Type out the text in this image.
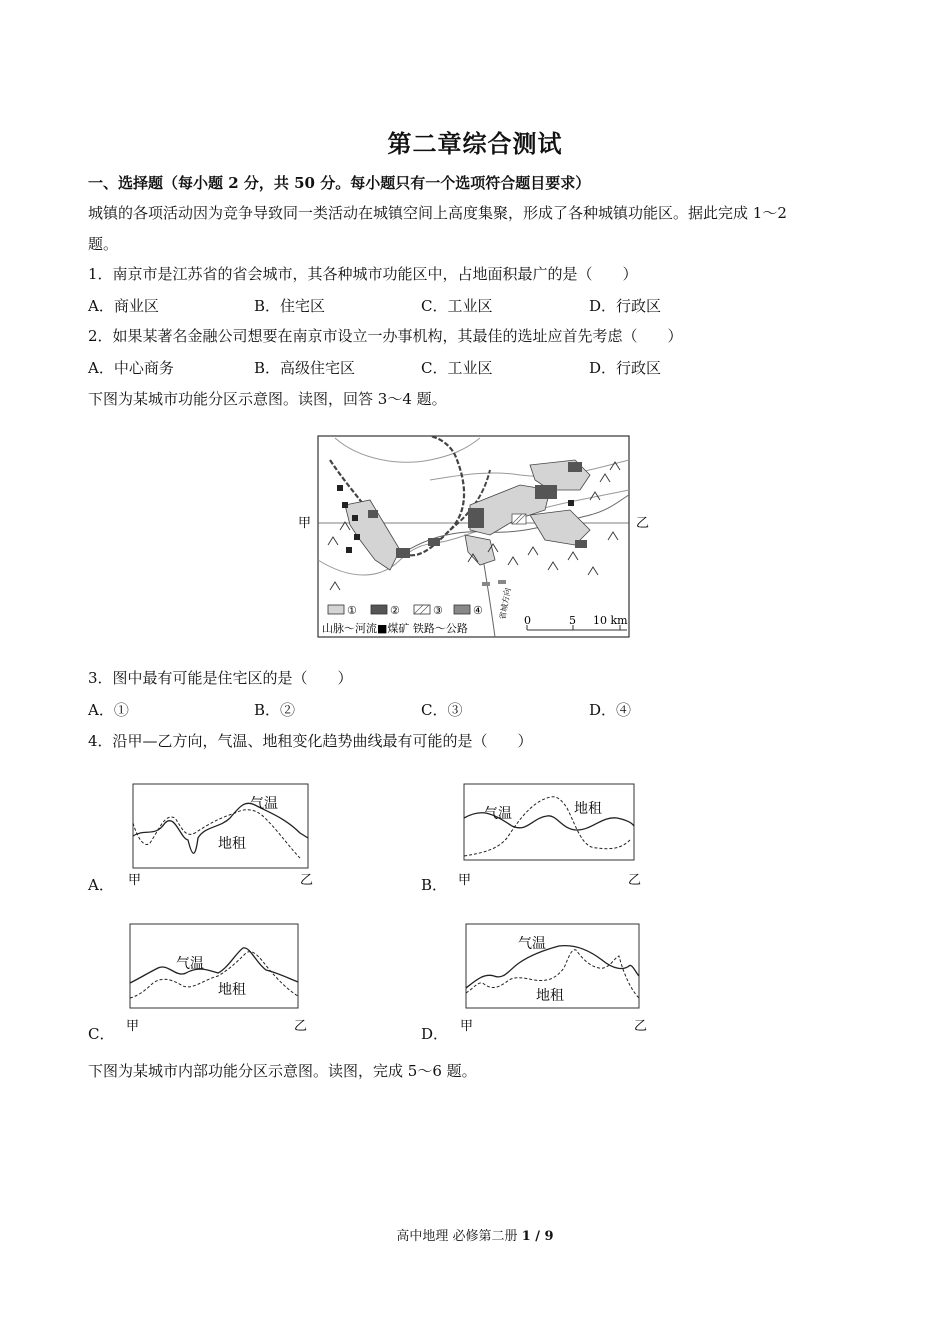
第二章综合测试
一、选择题（每小题 2 分，共 50 分。每小题只有一个选项符合题目要求）
城镇的各项活动因为竞争导致同一类活动在城镇空间上高度集聚，形成了各种城镇功能区。据此完成 1～2
题。
1．南京市是江苏省的省会城市，其各种城市功能区中，占地面积最广的是（　　）
A．商业区	B．住宅区	C．工业区	D．行政区
2．如果某著名金融公司想要在南京市设立一办事机构，其最佳的选址应首先考虑（　　）
A．中心商务	B．高级住宅区	C．工业区	D．行政区
下图为某城市功能分区示意图。读图，回答 3～4 题。
甲	乙
省城方向
①	②	③	④
山脉～河流■煤矿 铁路～公路
0	5 10 km
3．图中最有可能是住宅区的是（　　）
A．①	B．②	C．③	D．④
4．沿甲—乙方向，气温、地租变化趋势曲线最有可能的是（　　）
A．
气温
地租
甲	乙	B．
气温	地租
甲	乙
C．
气温
地租
甲	乙	D．
气温
地租
甲	乙
下图为某城市内部功能分区示意图。读图，完成 5～6 题。
高中地理 必修第二册 1 / 9
